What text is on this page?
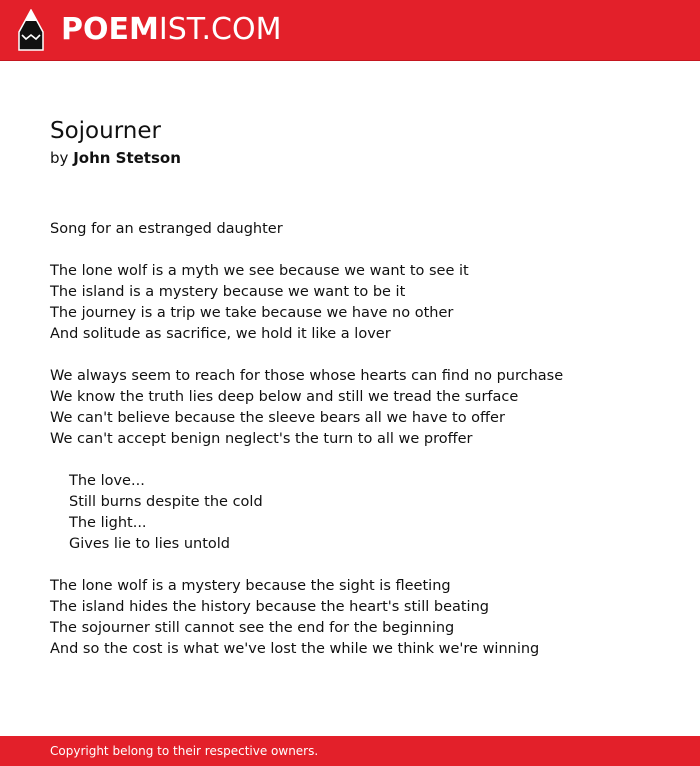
POEMIST.COM
Sojourner
by John Stetson
Song for an estranged daughter
The lone wolf is a myth we see because we want to see it
The island is a mystery because we want to be it
The journey is a trip we take because we have no other
And solitude as sacrifice, we hold it like a lover
We always seem to reach for those whose hearts can find no purchase
We know the truth lies deep below and still we tread the surface
We can't believe because the sleeve bears all we have to offer
We can't accept benign neglect's the turn to all we proffer
The love...
Still burns despite the cold
The light...
Gives lie to lies untold
The lone wolf is a mystery because the sight is fleeting
The island hides the history because the heart's still beating
The sojourner still cannot see the end for the beginning
And so the cost is what we've lost the while we think we're winning
Copyright belong to their respective owners.
